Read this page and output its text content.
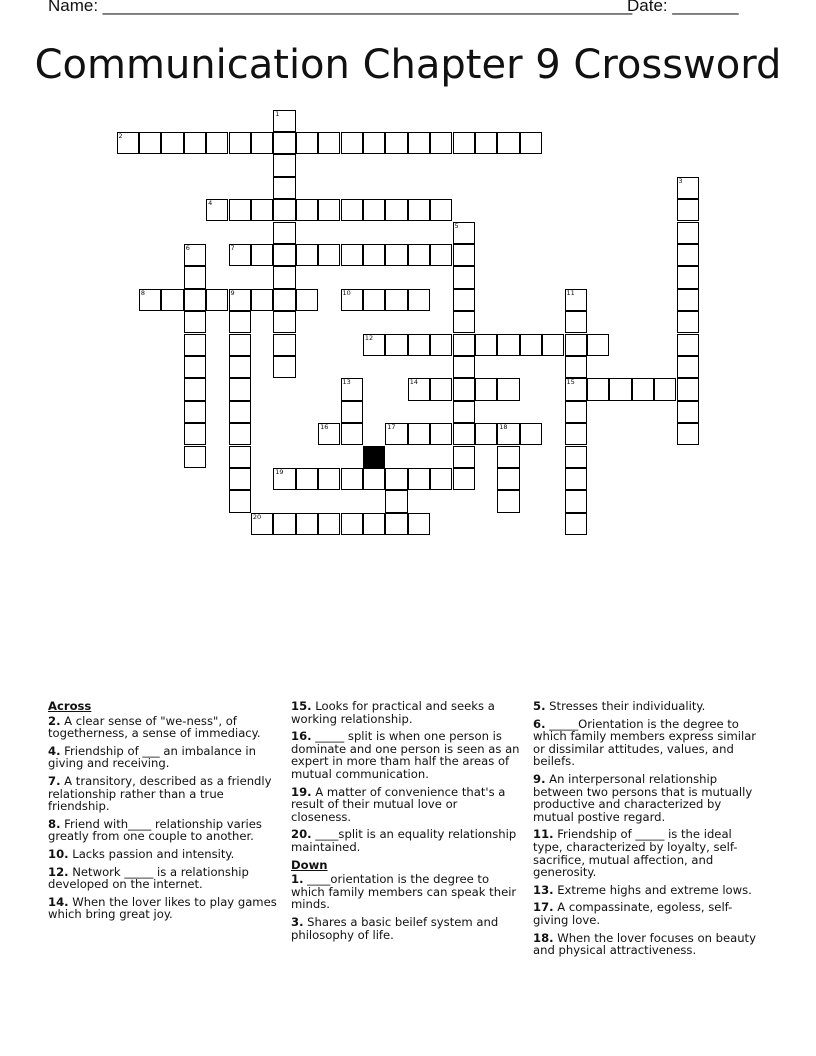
Name: ________________________________________________________
Date: _______
Communication Chapter 9 Crossword
2
4
7
8	9	10
12
14	15
16	17	18
19
20
1
3
5
6
11
13
Across
2. A clear sense of "we-ness", of togetherness, a sense of immediacy.
4. Friendship of ___ an imbalance in giving and receiving.
7. A transitory, described as a friendly relationship rather than a true friendship.
8. Friend with____ relationship varies greatly from one couple to another.
10. Lacks passion and intensity.
12. Network _____ is a relationship developed on the internet.
14. When the lover likes to play games which bring great joy.
15. Looks for practical and seeks a working relationship.
16. _____ split is when one person is dominate and one person is seen as an expert in more tham half the areas of mutual communication.
19. A matter of convenience that's a result of their mutual love or closeness.
20. ____split is an equality relationship maintained.
Down
1. ____orientation is the degree to which family members can speak their minds.
3. Shares a basic beilef system and philosophy of life.
5. Stresses their individuality.
6. _____Orientation is the degree to which family members express similar or dissimilar attitudes, values, and beilefs.
9. An interpersonal relationship between two persons that is mutually productive and characterized by mutual postive regard.
11. Friendship of _____ is the ideal type, characterized by loyalty, self-sacrifice, mutual affection, and generosity.
13. Extreme highs and extreme lows.
17. A compassinate, egoless, self-giving love.
18. When the lover focuses on beauty and physical attractiveness.
